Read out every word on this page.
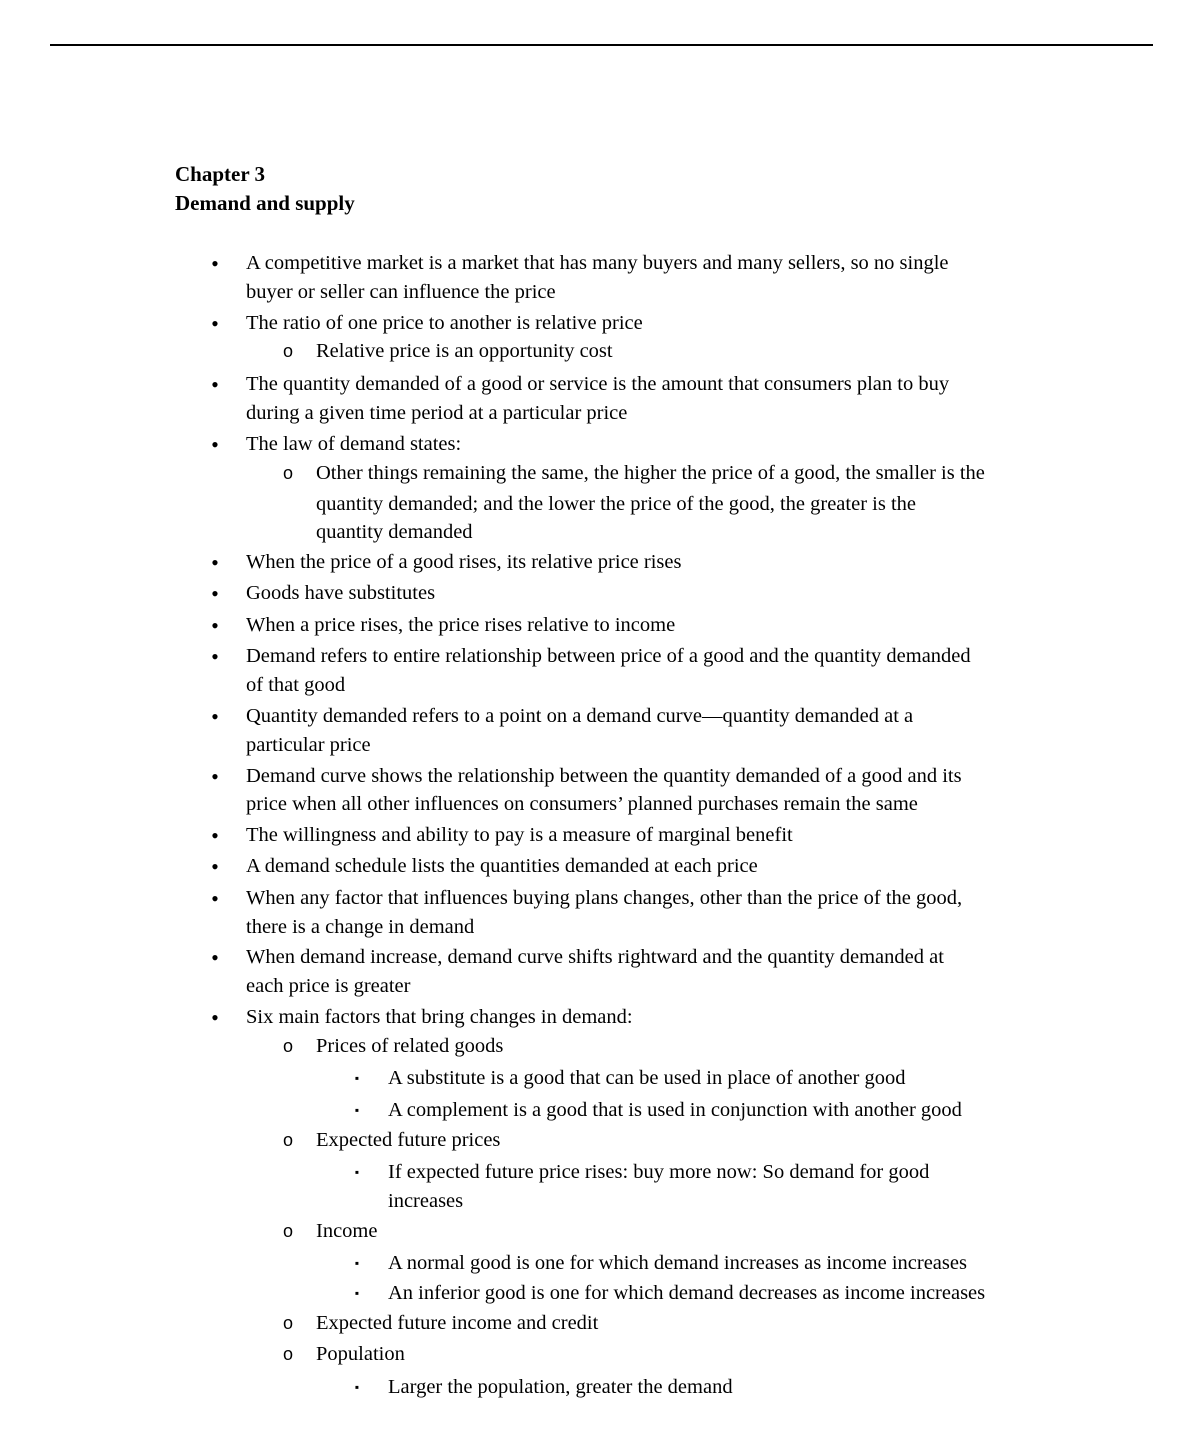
Chapter 3
Demand and supply
•	A competitive market is a market that has many buyers and many sellers, so no single
buyer or seller can influence the price
•	The ratio of one price to another is relative price
o Relative price is an opportunity cost
•	The quantity demanded of a good or service is the amount that consumers plan to buy
during a given time period at a particular price
•	The law of demand states:
o Other things remaining the same, the higher the price of a good, the smaller is the
quantity demanded; and the lower the price of the good, the greater is the
quantity demanded
•	When the price of a good rises, its relative price rises
•	Goods have substitutes
•	When a price rises, the price rises relative to income
•	Demand refers to entire relationship between price of a good and the quantity demanded
of that good
•	Quantity demanded refers to a point on a demand curve—quantity demanded at a
particular price
•	Demand curve shows the relationship between the quantity demanded of a good and its
price when all other influences on consumers’ planned purchases remain the same
•	The willingness and ability to pay is a measure of marginal benefit
•	A demand schedule lists the quantities demanded at each price
•	When any factor that influences buying plans changes, other than the price of the good,
there is a change in demand
•	When demand increase, demand curve shifts rightward and the quantity demanded at
each price is greater
•	Six main factors that bring changes in demand:
o Prices of related goods
▪	A substitute is a good that can be used in place of another good
▪	A complement is a good that is used in conjunction with another good
o Expected future prices
▪	If expected future price rises: buy more now: So demand for good
increases
o Income
▪	A normal good is one for which demand increases as income increases
▪	An inferior good is one for which demand decreases as income increases
o Expected future income and credit
o Population
▪	Larger the population, greater the demand
